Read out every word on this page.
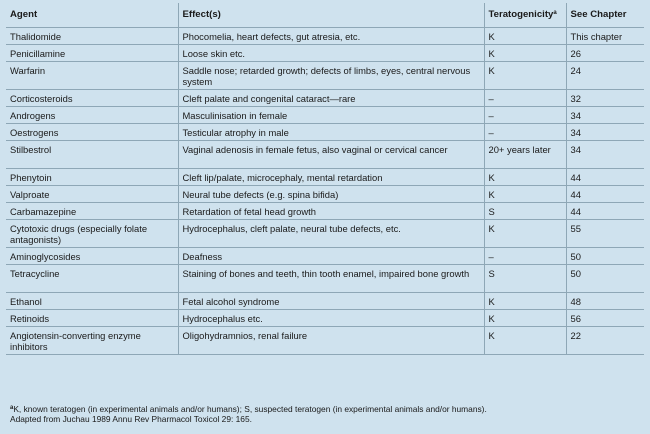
Agent	Effect(s)	Teratogenicity$^a$	See Chapter
Thalidomide	Phocomelia, heart defects, gut atresia, etc.	K	This chapter
Penicillamine	Loose skin etc.	K	26
Warfarin	Saddle nose; retarded growth; defects of limbs, eyes, central nervous system	K	24
Corticosteroids	Cleft palate and congenital cataract—rare	–	32
Androgens	Masculinisation in female	–	34
Oestrogens	Testicular atrophy in male	–	34
Stilbestrol	Vaginal adenosis in female fetus, also vaginal or cervical cancer	20+ years later	34
Phenytoin	Cleft lip/palate, microcephaly, mental retardation	K	44
Valproate	Neural tube defects (e.g. spina bifida)	K	44
Carbamazepine	Retardation of fetal head growth	S	44
Cytotoxic drugs (especially folate antagonists)	Hydrocephalus, cleft palate, neural tube defects, etc.	K	55
Aminoglycosides	Deafness	–	50
Tetracycline	Staining of bones and teeth, thin tooth enamel, impaired bone growth	S	50
Ethanol	Fetal alcohol syndrome	K	48
Retinoids	Hydrocephalus etc.	K	56
Angiotensin-converting enzyme inhibitors	Oligohydramnios, renal failure	K	22
$^a$K, known teratogen (in experimental animals and/or humans); S, suspected teratogen (in experimental animals and/or humans).
Adapted from Juchau 1989 Annu Rev Pharmacol Toxicol 29: 165.
